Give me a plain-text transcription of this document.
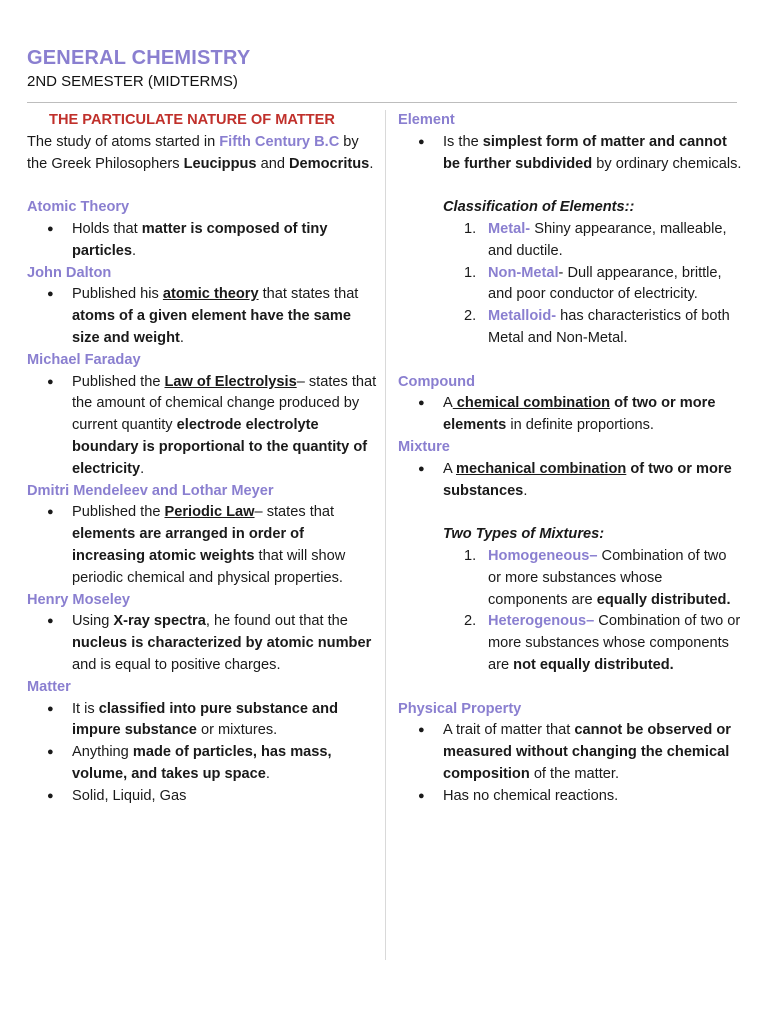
GENERAL CHEMISTRY
2ND SEMESTER (MIDTERMS)
THE PARTICULATE NATURE OF MATTER
The study of atoms started in Fifth Century B.C by the Greek Philosophers Leucippus and Democritus.
Atomic Theory
● Holds that matter is composed of tiny particles.
John Dalton
● Published his atomic theory that states that atoms of a given element have the same size and weight.
Michael Faraday
● Published the Law of Electrolysis– states that the amount of chemical change produced by current quantity electrode electrolyte boundary is proportional to the quantity of electricity.
Dmitri Mendeleev and Lothar Meyer
● Published the Periodic Law– states that elements are arranged in order of increasing atomic weights that will show periodic chemical and physical properties.
Henry Moseley
● Using X-ray spectra, he found out that the nucleus is characterized by atomic number and is equal to positive charges.
Matter
● It is classified into pure substance and impure substance or mixtures.
● Anything made of particles, has mass, volume, and takes up space.
● Solid, Liquid, Gas
Element
● Is the simplest form of matter and cannot be further subdivided by ordinary chemicals.
Classification of Elements::
1. Metal- Shiny appearance, malleable, and ductile.
1. Non-Metal- Dull appearance, brittle, and poor conductor of electricity.
2. Metalloid- has characteristics of both Metal and Non-Metal.
Compound
● A chemical combination of two or more elements in definite proportions.
Mixture
● A mechanical combination of two or more substances.
Two Types of Mixtures:
1. Homogeneous– Combination of two or more substances whose components are equally distributed.
2. Heterogenous– Combination of two or more substances whose components are not equally distributed.
Physical Property
● A trait of matter that cannot be observed or measured without changing the chemical composition of the matter.
● Has no chemical reactions.
